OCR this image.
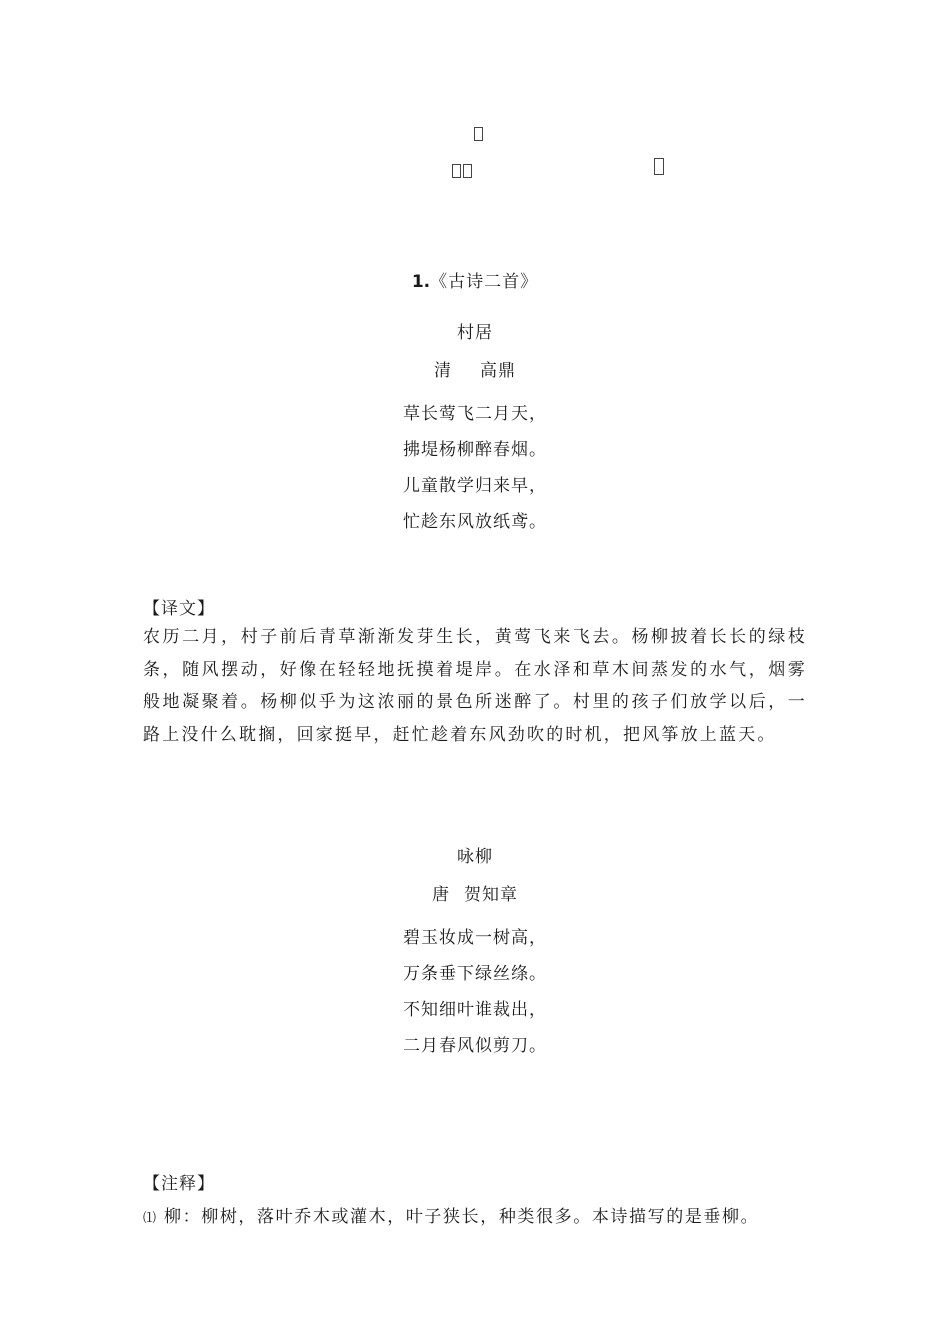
1.《古诗二首》
村居
清 高鼎
草长莺飞二月天，
拂堤杨柳醉春烟。
儿童散学归来早，
忙趁东风放纸鸢。
【译文】
农历二月，村子前后青草渐渐发芽生长，黄莺飞来飞去。杨柳披着长长的绿枝条，随风摆动，好像在轻轻地抚摸着堤岸。在水泽和草木间蒸发的水气，烟雾般地凝聚着。杨柳似乎为这浓丽的景色所迷醉了。村里的孩子们放学以后，一路上没什么耽搁，回家挺早，赶忙趁着东风劲吹的时机，把风筝放上蓝天。
咏柳
唐 贺知章
碧玉妆成一树高，
万条垂下绿丝绦。
不知细叶谁裁出，
二月春风似剪刀。
【注释】
⑴ 柳：柳树，落叶乔木或灌木，叶子狭长，种类很多。本诗描写的是垂柳。
